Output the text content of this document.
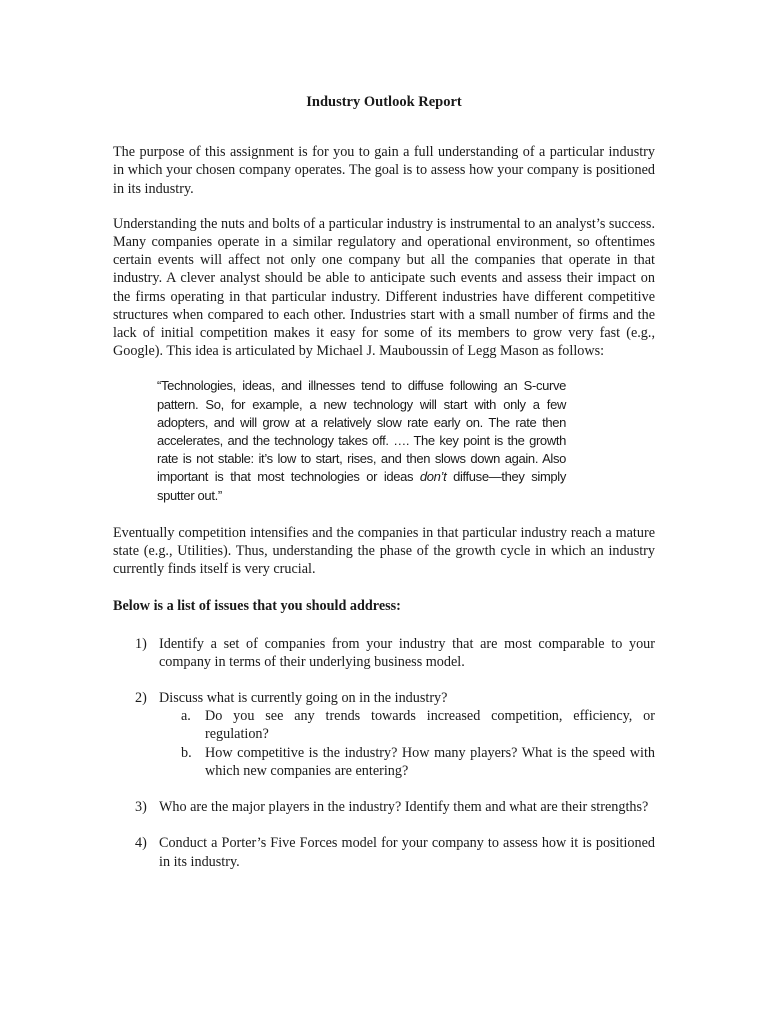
Industry Outlook Report

The purpose of this assignment is for you to gain a full understanding of a particular industry in which your chosen company operates. The goal is to assess how your company is positioned in its industry.

Understanding the nuts and bolts of a particular industry is instrumental to an analyst’s success. Many companies operate in a similar regulatory and operational environment, so oftentimes certain events will affect not only one company but all the companies that operate in that industry. A clever analyst should be able to anticipate such events and assess their impact on the firms operating in that particular industry. Different industries have different competitive structures when compared to each other. Industries start with a small number of firms and the lack of initial competition makes it easy for some of its members to grow very fast (e.g., Google). This idea is articulated by Michael J. Mauboussin of Legg Mason as follows:

“Technologies, ideas, and illnesses tend to diffuse following an S-curve pattern. So, for example, a new technology will start with only a few adopters, and will grow at a relatively slow rate early on. The rate then accelerates, and the technology takes off. …. The key point is the growth rate is not stable: it’s low to start, rises, and then slows down again. Also important is that most technologies or ideas don’t diffuse—they simply sputter out.”

Eventually competition intensifies and the companies in that particular industry reach a mature state (e.g., Utilities). Thus, understanding the phase of the growth cycle in which an industry currently finds itself is very crucial.

Below is a list of issues that you should address:
1) Identify a set of companies from your industry that are most comparable to your company in terms of their underlying business model.
2) Discuss what is currently going on in the industry?
a. Do you see any trends towards increased competition, efficiency, or regulation?
b. How competitive is the industry? How many players? What is the speed with which new companies are entering?
3) Who are the major players in the industry? Identify them and what are their strengths?
4) Conduct a Porter’s Five Forces model for your company to assess how it is positioned in its industry.
